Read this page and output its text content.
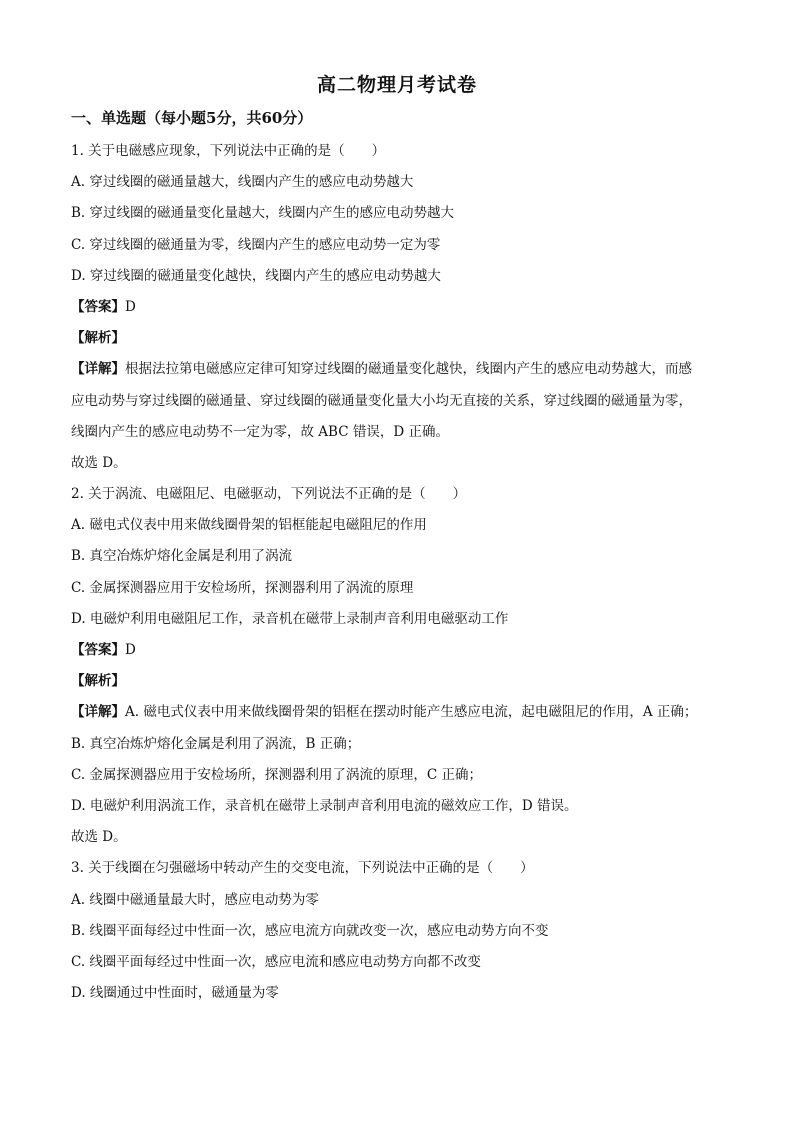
高二物理月考试卷
一、单选题（每小题5分，共60分）
1. 关于电磁感应现象，下列说法中正确的是（　　）
A. 穿过线圈的磁通量越大，线圈内产生的感应电动势越大
B. 穿过线圈的磁通量变化量越大，线圈内产生的感应电动势越大
C. 穿过线圈的磁通量为零，线圈内产生的感应电动势一定为零
D. 穿过线圈的磁通量变化越快，线圈内产生的感应电动势越大
【答案】D
【解析】
【详解】根据法拉第电磁感应定律可知穿过线圈的磁通量变化越快，线圈内产生的感应电动势越大，而感
应电动势与穿过线圈的磁通量、穿过线圈的磁通量变化量大小均无直接的关系，穿过线圈的磁通量为零，
线圈内产生的感应电动势不一定为零，故 ABC 错误，D 正确。
故选 D。
2. 关于涡流、电磁阻尼、电磁驱动，下列说法不正确的是（　　）
A. 磁电式仪表中用来做线圈骨架的铝框能起电磁阻尼的作用
B. 真空冶炼炉熔化金属是利用了涡流
C. 金属探测器应用于安检场所，探测器利用了涡流的原理
D. 电磁炉利用电磁阻尼工作，录音机在磁带上录制声音利用电磁驱动工作
【答案】D
【解析】
【详解】A. 磁电式仪表中用来做线圈骨架的铝框在摆动时能产生感应电流，起电磁阻尼的作用，A 正确；
B. 真空冶炼炉熔化金属是利用了涡流，B 正确；
C. 金属探测器应用于安检场所，探测器利用了涡流的原理，C 正确；
D. 电磁炉利用涡流工作，录音机在磁带上录制声音利用电流的磁效应工作，D 错误。
故选 D。
3. 关于线圈在匀强磁场中转动产生的交变电流，下列说法中正确的是（　　）
A. 线圈中磁通量最大时，感应电动势为零
B. 线圈平面每经过中性面一次，感应电流方向就改变一次，感应电动势方向不变
C. 线圈平面每经过中性面一次，感应电流和感应电动势方向都不改变
D. 线圈通过中性面时，磁通量为零
